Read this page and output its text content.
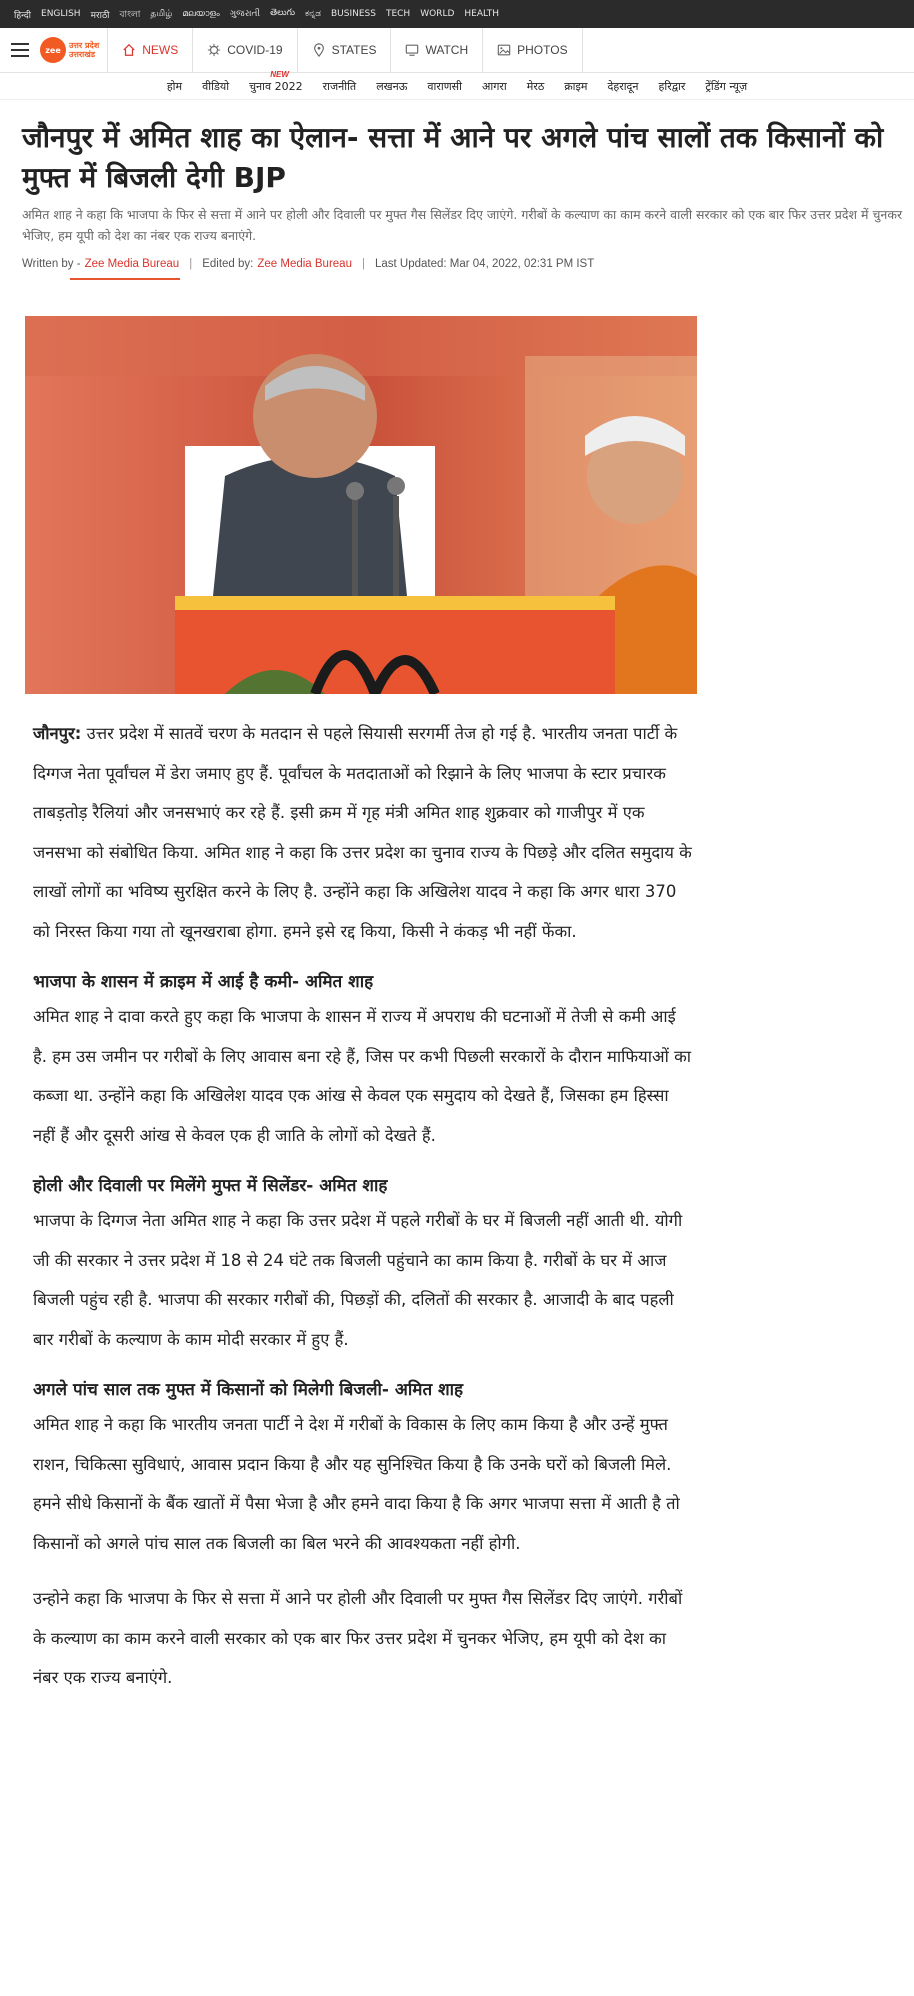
हिन्दी ENGLISH मराठी বাংলা தமிழ் മലയാളം ગુજરાતી తెలుగు ಕನ್ನಡ BUSINESS TECH WORLD HEALTH
zee	उत्तर प्रदेश
उत्तराखंड	NEWS	COVID-19	STATES	WATCH	PHOTOS
होम	वीडियो
NEW
चुनाव 2022	राजनीति	लखनऊ	वाराणसी	आगरा	मेरठ	क्राइम	देहरादून	हरिद्वार	ट्रेंडिंग न्यूज़
जौनपुर में अमित शाह का ऐलान- सत्ता में आने पर अगले पांच सालों तक किसानों को मुफ्त में बिजली देगी BJP
अमित शाह ने कहा कि भाजपा के फिर से सत्ता में आने पर होली और दिवाली पर मुफ्त गैस सिलेंडर दिए जाएंगे. गरीबों के कल्याण का काम करने वाली सरकार को एक बार फिर उत्तर प्रदेश में चुनकर भेजिए, हम यूपी को देश का नंबर एक राज्य बनाएंगे.
Written by - Zee Media Bureau | Edited by: Zee Media Bureau | Last Updated: Mar 04, 2022, 02:31 PM IST

जौनपुर: उत्तर प्रदेश में सातवें चरण के मतदान से पहले सियासी सरगर्मी तेज हो गई है. भारतीय जनता पार्टी के दिग्गज नेता पूर्वांचल में डेरा जमाए हुए हैं. पूर्वांचल के मतदाताओं को रिझाने के लिए भाजपा के स्टार प्रचारक ताबड़तोड़ रैलियां और जनसभाएं कर रहे हैं. इसी क्रम में गृह मंत्री अमित शाह शुक्रवार को गाजीपुर में एक जनसभा को संबोधित किया. अमित शाह ने कहा कि उत्तर प्रदेश का चुनाव राज्य के पिछड़े और दलित समुदाय के लाखों लोगों का भविष्य सुरक्षित करने के लिए है. उन्होंने कहा कि अखिलेश यादव ने कहा कि अगर धारा 370 को निरस्त किया गया तो खूनखराबा होगा. हमने इसे रद्द किया, किसी ने कंकड़ भी नहीं फेंका.

भाजपा के शासन में क्राइम में आई है कमी- अमित शाह

अमित शाह ने दावा करते हुए कहा कि भाजपा के शासन में राज्य में अपराध की घटनाओं में तेजी से कमी आई है. हम उस जमीन पर गरीबों के लिए आवास बना रहे हैं, जिस पर कभी पिछली सरकारों के दौरान माफियाओं का कब्जा था. उन्होंने कहा कि अखिलेश यादव एक आंख से केवल एक समुदाय को देखते हैं, जिसका हम हिस्सा नहीं हैं और दूसरी आंख से केवल एक ही जाति के लोगों को देखते हैं.

होली और दिवाली पर मिलेंगे मुफ्त में सिलेंडर- अमित शाह

भाजपा के दिग्गज नेता अमित शाह ने कहा कि उत्तर प्रदेश में पहले गरीबों के घर में बिजली नहीं आती थी. योगी जी की सरकार ने उत्तर प्रदेश में 18 से 24 घंटे तक बिजली पहुंचाने का काम किया है. गरीबों के घर में आज बिजली पहुंच रही है. भाजपा की सरकार गरीबों की, पिछड़ों की, दलितों की सरकार है. आजादी के बाद पहली बार गरीबों के कल्याण के काम मोदी सरकार में हुए हैं.

अगले पांच साल तक मुफ्त में किसानों को मिलेगी बिजली- अमित शाह

अमित शाह ने कहा कि भारतीय जनता पार्टी ने देश में गरीबों के विकास के लिए काम किया है और उन्हें मुफ्त राशन, चिकित्सा सुविधाएं, आवास प्रदान किया है और यह सुनिश्चित किया है कि उनके घरों को बिजली मिले. हमने सीधे किसानों के बैंक खातों में पैसा भेजा है और हमने वादा किया है कि अगर भाजपा सत्ता में आती है तो किसानों को अगले पांच साल तक बिजली का बिल भरने की आवश्यकता नहीं होगी.

उन्होने कहा कि भाजपा के फिर से सत्ता में आने पर होली और दिवाली पर मुफ्त गैस सिलेंडर दिए जाएंगे. गरीबों के कल्याण का काम करने वाली सरकार को एक बार फिर उत्तर प्रदेश में चुनकर भेजिए, हम यूपी को देश का नंबर एक राज्य बनाएंगे.
